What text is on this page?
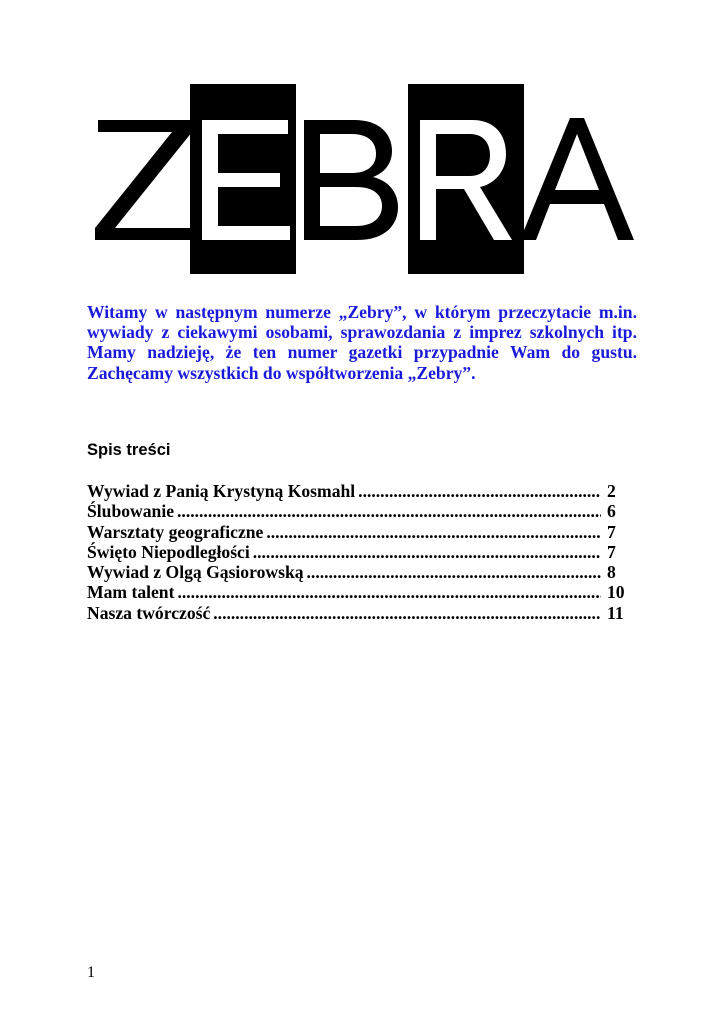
Witamy w następnym numerze „Zebry”, w którym przeczytacie m.in. wywiady z ciekawymi osobami, sprawozdania z imprez szkolnych itp. Mamy nadzieję, że ten numer gazetki przypadnie Wam do gustu. Zachęcamy wszystkich do współtworzenia „Zebry”.

Spis treści

Wywiad z Panią Krystyną Kosmahl .....	2
Ślubowanie .....	6
Warsztaty geograficzne .....	7
Święto Niepodległości .....	7
Wywiad z Olgą Gąsiorowską .....	8
Mam talent .....	10
Nasza twórczość .....	11

1
